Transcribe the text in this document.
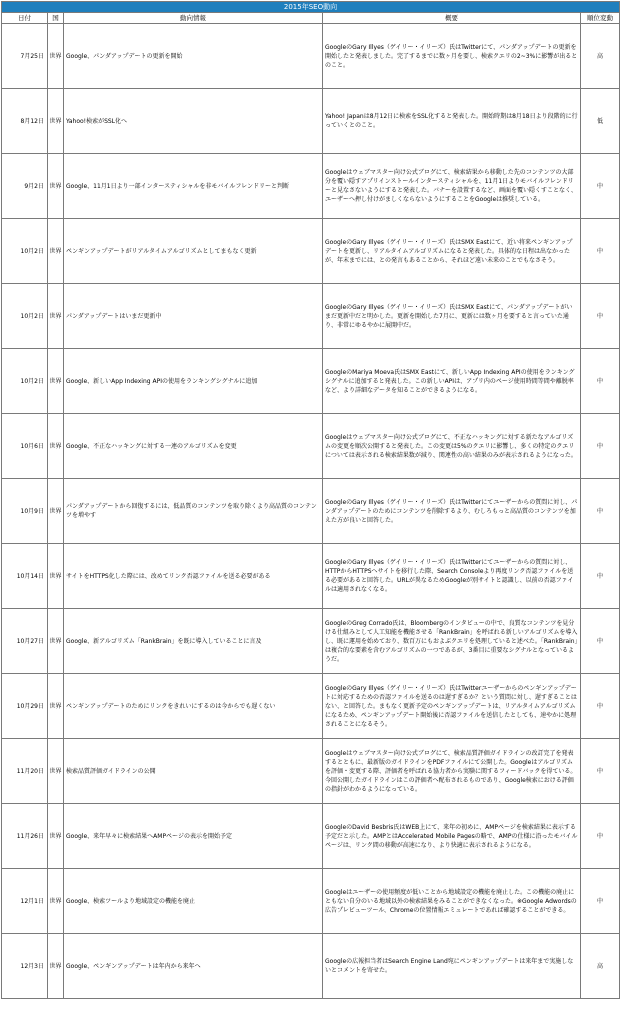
2015年SEO動向				
日付	国	動向情報	概要	順位変動
7月25日	世界	Google、パンダアップデートの更新を開始	GoogleのGary Illyes（ゲイリー・イリーズ）氏はTwitterにて、パンダアップデートの更新を開始したと発表しました。完了するまでに数ヶ月を要し、検索クエリの2~3%に影響が出るとのこと。	高
8月12日	世界	Yahoo!検索がSSL化へ	Yahoo! Japanは8月12日に検索をSSL化すると発表した。開始時期は8月18日より段階的に行っていくとのこと。	低
9月2日	世界	Google、11月1日より一部インタースティシャルを非モバイルフレンドリーと判断	Googleはウェブマスター向け公式ブログにて、検索結果から移動した先のコンテンツの大部分を覆い隠すアプリインストールインタースティシャルを、11月1日よりモバイルフレンドリーと見なさないようにすると発表した。バナーを設置するなど、画面を覆い隠くすことなく、ユーザーへ押し付けがましくならないようにすることをGoogleは推奨している。	中
10月2日	世界	ペンギンアップデートがリアルタイムアルゴリズムとしてまもなく更新	GoogleのGary Illyes（ゲイリー・イリーズ）氏はSMX Eastにて、近い将来ペンギンアップデートを更新し、リアルタイムアルゴリズムになると発表した。具体的な日程は出なかったが、年末までには、との発言もあることから、それほど遠い未来のことでもなさそう。	中
10月2日	世界	パンダアップデートはいまだ更新中	GoogleのGary Illyes（ゲイリー・イリーズ）氏はSMX Eastにて、パンダアップデートがいまだ更新中だと明かした。更新を開始した7月に、更新には数ヶ月を要すると言っていた通り、非常にゆるやかに展開中だ。	中
10月2日	世界	Google、新しいApp Indexing APIの使用をランキングシグナルに追加	GoogleのMariya Moeva氏はSMX Eastにて、新しいApp Indexing APIの使用をランキングシグナルに追加すると発表した。この新しいAPIは、アプリ内のページ使用時間等間や離脱率など、より詳細なデータを知ることができるようになる。	中
10月6日	世界	Google、不正なハッキングに対する一連のアルゴリズムを変更	Googleはウェブマスター向け公式ブログにて、不正なハッキングに対する新たなアルゴリズムの変更を順次公開すると発表した。この変更は5%のクエリに影響し、多くの特定のクエリについては表示される検索結果数が減り、関連性の高い結果のみが表示されるようになった。	中
10月9日	世界	パンダアップデートから回復するには、低品質のコンテンツを取り除くより高品質のコンテンツを増やす	GoogleのGary Illyes（ゲイリー・イリーズ）氏はTwitterにてユーザーからの質問に対し、パンダアップデートのためにコンテンツを削除するより、むしろもっと高品質のコンテンツを加えた方が良いと回答した。	中
10月14日	世界	サイトをHTTPS化した際には、改めてリンク否認ファイルを送る必要がある	GoogleのGary Illyes（ゲイリー・イリーズ）氏はTwitterにてユーザーからの質問に対し、HTTPからHTTPSへサイトを移行した際、Search Consoleより再度リンク否認ファイルを送る必要があると回答した。URLが異なるためGoogleが別サイトと認識し、以前の否認ファイルは適用されなくなる。	中
10月27日	世界	Google、新アルゴリズム「RankBrain」を既に導入していることに言及	GoogleのGreg Corrado氏は、Bloombergのインタビューの中で、良質なコンテンツを見分ける仕組みとして人工知能を機能させる「RankBrain」を呼ばれる新しいアルゴリズムを導入し、既に運用を始めており、数百万にもおよぶクエリを処理していると述べた。「RankBrain」は複合的な要素を含むアルゴリズムの一つであるが、3番目に重要なシグナルとなっているようだ。	中
10月29日	世界	ペンギンアップデートのためにリンクをきれいにするのは今からでも遅くない	GoogleのGary Illyes（ゲイリー・イリーズ）氏はTwitterユーザーからのペンギンアップデートに対応するための否認ファイルを送るのは遅すぎるか？という質問に対し、遅すぎることはない、と回答した。まもなく更新予定のペンギンアップデートは、リアルタイムアルゴリズムになるため、ペンギンアップデート開始後に否認ファイルを送信したとしても、速やかに処理されることになるそう。	中
11月20日	世界	検索品質評価ガイドラインの公開	Googleはウェブマスター向け公式ブログにて、検索品質評価ガイドラインの改訂完了を発表するとともに、最新版のガイドラインをPDFファイルにて公開した。Googleはアルゴリズムを評価・変更する際、評価者を呼ばれる協力者から実験に関するフィードバックを得ている。今回公開したガイドラインはこの評価者へ配布されるものであり、Google検索における評価の指針がわかるようになっている。	中
11月26日	世界	Google、来年早々に検索結果へAMPページの表示を開始予定	GoogleのDavid Besbris氏はWEB上にて、来年の初めに、AMPページを検索結果に表示する予定だと示した。AMPとはAccelerated Mobile Pagesの略で、AMPの仕様に沿ったモバイルページは、リンク間の移動が高速になり、より快適に表示されるようになる。	中
12月1日	世界	Google、検索ツールより地域設定の機能を廃止	Googleはユーザーの使用頻度が低いことから地域設定の機能を廃止した。この機能の廃止にともない自分のいる地域以外の検索結果をみることができなくなった。※Google Adwordsの広告プレビューツール、Chromeの位置情報エミュレートであれば確認することができる。	中
12月3日	世界	Google、ペンギンアップデートは年内から来年へ	Googleの広報担当者はSearch Engine Land宛にペンギンアップデートは来年まで実施しないとコメントを寄せた。	高
